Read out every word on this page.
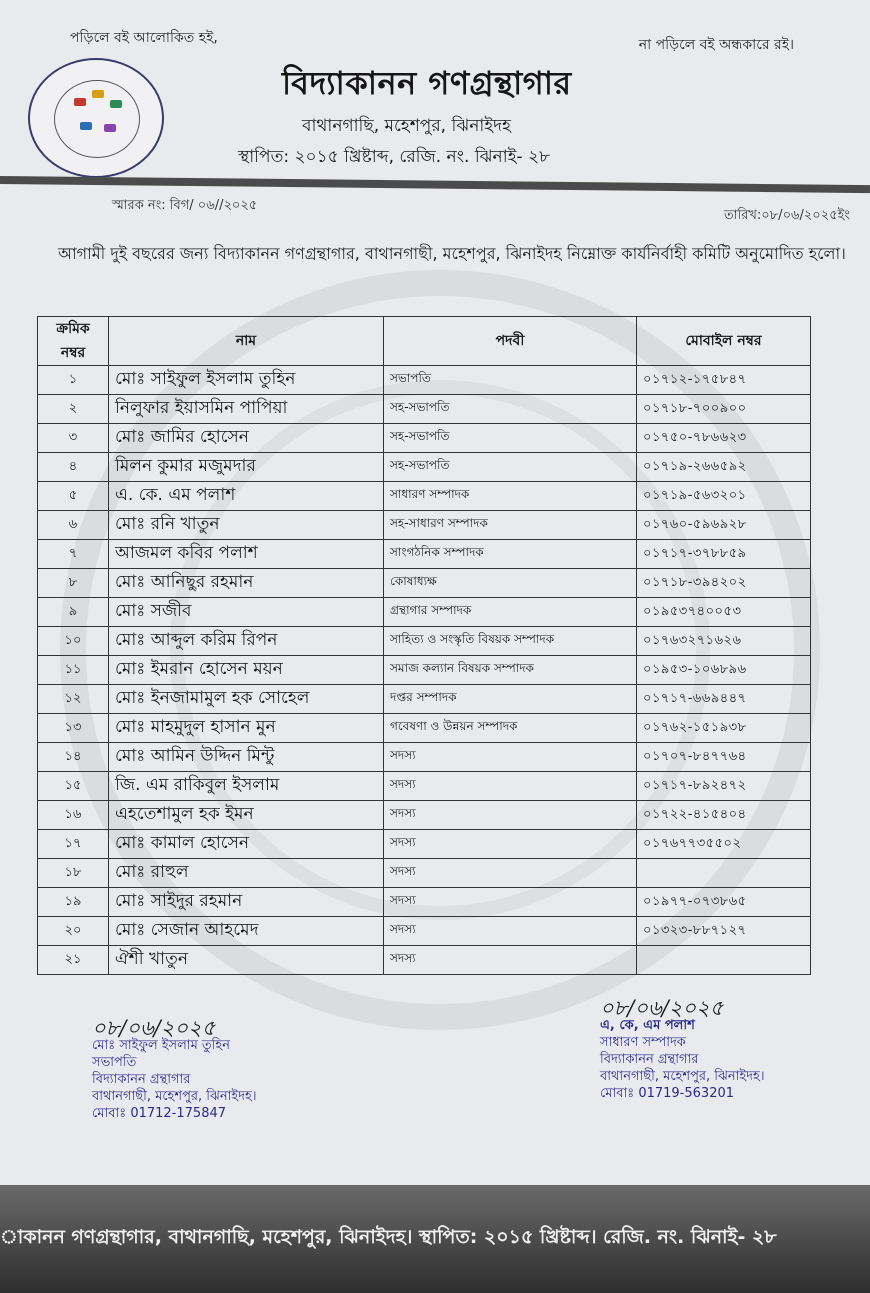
পড়িলে বই আলোকিত হই,	না পড়িলে বই অন্ধকারে রই।
বিদ্যাকানন গণগ্রন্থাগার
বাথানগাছি, মহেশপুর, ঝিনাইদহ
স্থাপিত: ২০১৫ খ্রিষ্টাব্দ, রেজি. নং. ঝিনাই- ২৮
স্মারক নং: বিগ/ ০৬//২০২৫
তারিখ:০৮/০৬/২০২৫ইং
আগামী দুই বছরের জন্য বিদ্যাকানন গণগ্রন্থাগার, বাথানগাছী, মহেশপুর, ঝিনাইদহ নিম্নোক্ত কার্যনির্বাহী কমিটি অনুমোদিত হলো।
ক্রমিক নম্বর	নাম	পদবী	মোবাইল নম্বর
১	মোঃ সাইফুল ইসলাম তুহিন	সভাপতি	০১৭১২-১৭৫৮৪৭
২	নিলুফার ইয়াসমিন পাপিয়া	সহ-সভাপতি	০১৭১৮-৭০০৯০০
৩	মোঃ জামির হোসেন	সহ-সভাপতি	০১৭৫০-৭৮৬৬২৩
৪	মিলন কুমার মজুমদার	সহ-সভাপতি	০১৭১৯-২৬৬৫৯২
৫	এ. কে. এম পলাশ	সাধারণ সম্পাদক	০১৭১৯-৫৬৩২০১
৬	মোঃ রনি খাতুন	সহ-সাধারণ সম্পাদক	০১৭৬০-৫৯৬৯২৮
৭	আজমল কবির পলাশ	সাংগঠনিক সম্পাদক	০১৭১৭-৩৭৮৮৫৯
৮	মোঃ আনিছুর রহমান	কোষাধ্যক্ষ	০১৭১৮-৩৯৪২০২
৯	মোঃ সজীব	গ্রন্থাগার সম্পাদক	০১৯৫৩৭৪০০৫৩
১০	মোঃ আব্দুল করিম রিপন	সাহিত্য ও সংস্কৃতি বিষয়ক সম্পাদক	০১৭৬৩২৭১৬২৬
১১	মোঃ ইমরান হোসেন ময়ন	সমাজ কল্যান বিষয়ক সম্পাদক	০১৯৫৩-১০৬৮৯৬
১২	মোঃ ইনজামামুল হক সোহেল	দপ্তর সম্পাদক	০১৭১৭-৬৬৯৪৪৭
১৩	মোঃ মাহমুদুল হাসান মুন	গবেষণা ও উন্নয়ন সম্পাদক	০১৭৬২-১৫১৯৩৮
১৪	মোঃ আমিন উদ্দিন মিন্টু	সদস্য	০১৭০৭-৮৪৭৭৬৪
১৫	জি. এম রাকিবুল ইসলাম	সদস্য	০১৭১৭-৮৯২৪৭২
১৬	এহতেশামুল হক ইমন	সদস্য	০১৭২২-৪১৫৪০৪
১৭	মোঃ কামাল হোসেন	সদস্য	০১৭৬৭৭৩৫৫০২
১৮	মোঃ রাহুল	সদস্য	
১৯	মোঃ সাইদুর রহমান	সদস্য	০১৯৭৭-০৭৩৮৬৫
২০	মোঃ সেজান আহমেদ	সদস্য	০১৩২৩-৮৮৭১২৭
২১	ঐশী খাতুন	সদস্য	
০৮/০৬/২০২৫
মোঃ সাইফুল ইসলাম তুহিন
সভাপতি
বিদ্যাকানন গ্রন্থাগার
বাথানগাছী, মহেশপুর, ঝিনাইদহ।
মোবাঃ 01712-175847
০৮/০৬/২০২৫
এ, কে, এম পলাশ
সাধারণ সম্পাদক
বিদ্যাকানন গ্রন্থাগার
বাথানগাছী, মহেশপুর, ঝিনাইদহ।
মোবাঃ 01719-563201
াকানন গণগ্রন্থাগার, বাথানগাছি, মহেশপুর, ঝিনাইদহ। স্থাপিত: ২০১৫ খ্রিষ্টাব্দ। রেজি. নং. ঝিনাই- ২৮
